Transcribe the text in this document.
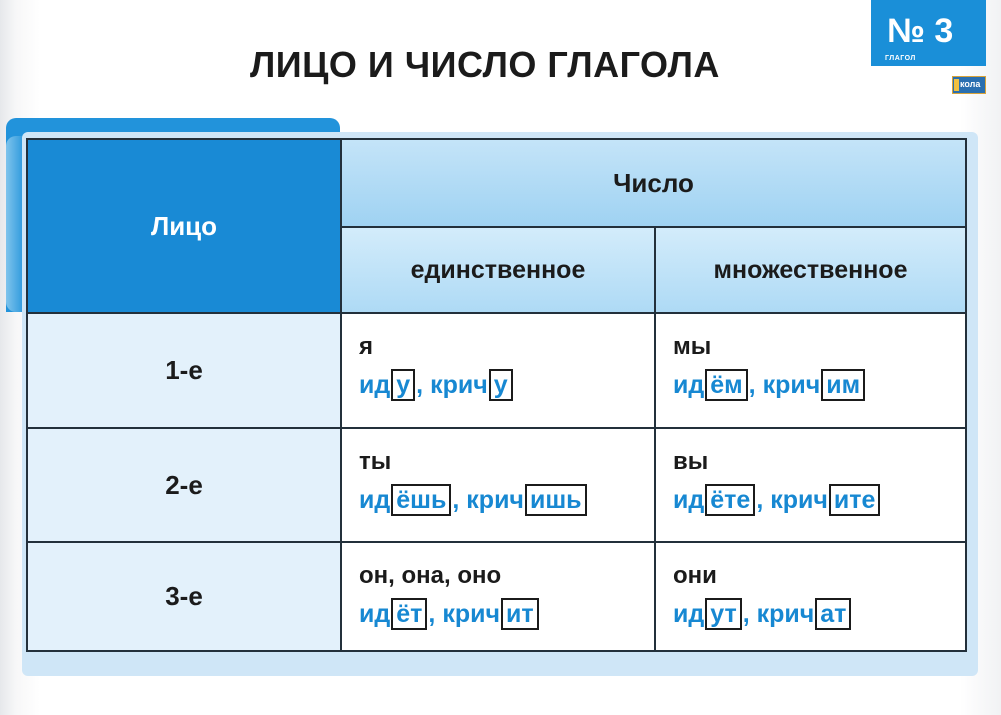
ЛИЦО И ЧИСЛО ГЛАГОЛА
№ 3
ГЛАГОЛ
кола
Лицо
Число
единственное	множественное
1-е
я
ид у , крич у
мы
ид ём , крич им
2-е
ты
ид ёшь , крич ишь
вы
ид ёте , крич ите
3-е
он, она, оно
ид ёт , крич ит
они
ид ут , крич ат
